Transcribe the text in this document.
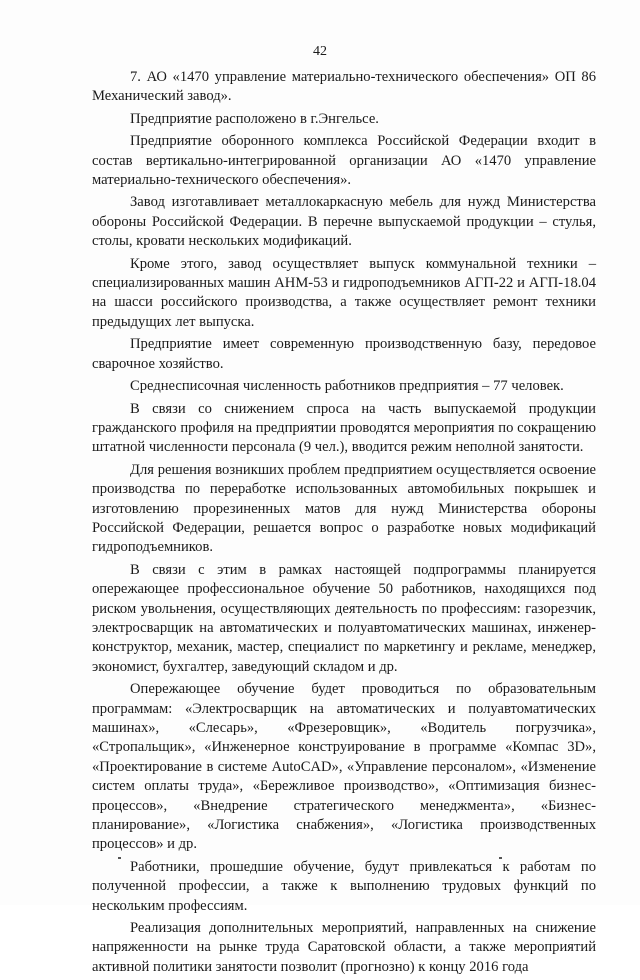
42

7. АО «1470 управление материально-технического обеспечения» ОП 86 Механический завод».

Предприятие расположено в г.Энгельсе.

Предприятие оборонного комплекса Российской Федерации входит в состав вертикально-интегрированной организации АО «1470 управление материально-технического обеспечения».

Завод изготавливает металлокаркасную мебель для нужд Министерства обороны Российской Федерации. В перечне выпускаемой продукции – стулья, столы, кровати нескольких модификаций.

Кроме этого, завод осуществляет выпуск коммунальной техники – специализированных машин АНМ-53 и гидроподъемников АГП-22 и АГП-18.04 на шасси российского производства, а также осуществляет ремонт техники предыдущих лет выпуска.

Предприятие имеет современную производственную базу, передовое сварочное хозяйство.

Среднесписочная численность работников предприятия – 77 человек.

В связи со снижением спроса на часть выпускаемой продукции гражданского профиля на предприятии проводятся мероприятия по сокращению штатной численности персонала (9 чел.), вводится режим неполной занятости.

Для решения возникших проблем предприятием осуществляется освоение производства по переработке использованных автомобильных покрышек и изготовлению прорезиненных матов для нужд Министерства обороны Российской Федерации, решается вопрос о разработке новых модификаций гидроподъемников.

В связи с этим в рамках настоящей подпрограммы планируется опережающее профессиональное обучение 50 работников, находящихся под риском увольнения, осуществляющих деятельность по профессиям: газорезчик, электросварщик на автоматических и полуавтоматических машинах, инженер-конструктор, механик, мастер, специалист по маркетингу и рекламе, менеджер, экономист, бухгалтер, заведующий складом и др.

Опережающее обучение будет проводиться по образовательным программам: «Электросварщик на автоматических и полуавтоматических машинах», «Слесарь», «Фрезеровщик», «Водитель погрузчика», «Стропальщик», «Инженерное конструирование в программе «Компас 3D», «Проектирование в системе AutoCAD», «Управление персоналом», «Изменение систем оплаты труда», «Бережливое производство», «Оптимизация бизнес-процессов», «Внедрение стратегического менеджмента», «Бизнес-планирование», «Логистика снабжения», «Логистика производственных процессов» и др.

Работники, прошедшие обучение, будут привлекаться к работам по полученной профессии, а также к выполнению трудовых функций по нескольким профессиям.

Реализация дополнительных мероприятий, направленных на снижение напряженности на рынке труда Саратовской области, а также мероприятий активной политики занятости позволит (прогнозно) к концу 2016 года
